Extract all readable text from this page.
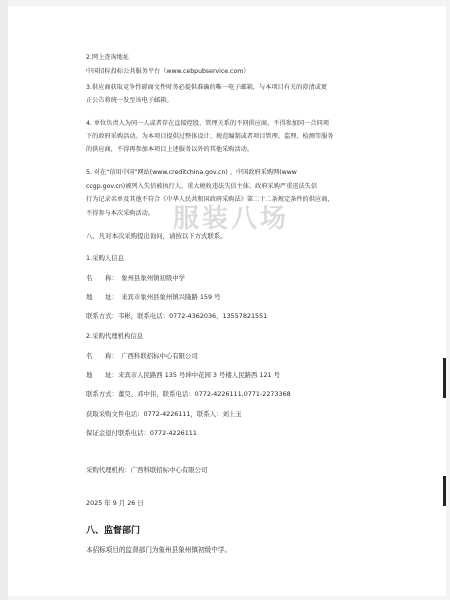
2.网上查询地址
中国招标投标公共服务平台（www.cebpubservice.com）
3.供应商获取竞争性磋商文件时务必提供准确的唯一电子邮箱，与本项目有关的澄清或更
正公告将统一发至该电子邮箱。
4. 单位负责人为同一人或者存在直接控股、管理关系的不同供应商，不得参加同一合同项
下的政府采购活动。为本项目提供过整体设计、规范编制或者项目管理、监理、检测等服务
的供应商，不得再参加本项目上述服务以外的其他采购活动。
5. 对在“信用中国”网站(www.creditchina.gov.cn) 、中国政府采购网(www
ccgp.gov.cn)被列入失信被执行人、重大税收违法失信主体、政府采购严重违法失信
行为记录名单及其他不符合《中华人民共和国政府采购法》第二十二条规定条件的供应商，
不得参与本次采购活动。
八、凡对本次采购提出询问，请按以下方式联系。
1.采购人信息
名　　称：　象州县象州镇初级中学
地　　址：　来宾市象州县象州镇兴隆路 159 号
联系方式：韦彬，联系电话：0772-4362036，13557821551
2.采购代理机构信息
名　　称：　广西科联招标中心有限公司
地　　址：来宾市人民路西 135 号坤中花园 3 号楼人民路西 121 号
联系方式：董昊、邓中伟，联系电话：0772-4226111,0771-2273368
获取采购文件电话：0772-4226111，联系人：刘上玉
保证金退付联系电话：0772-4226111
采购代理机构：广西科联招标中心有限公司
2025 年 9 月 26 日
八、监督部门
本招标项目的监督部门为象州县象州镇初级中学。
服装八场
